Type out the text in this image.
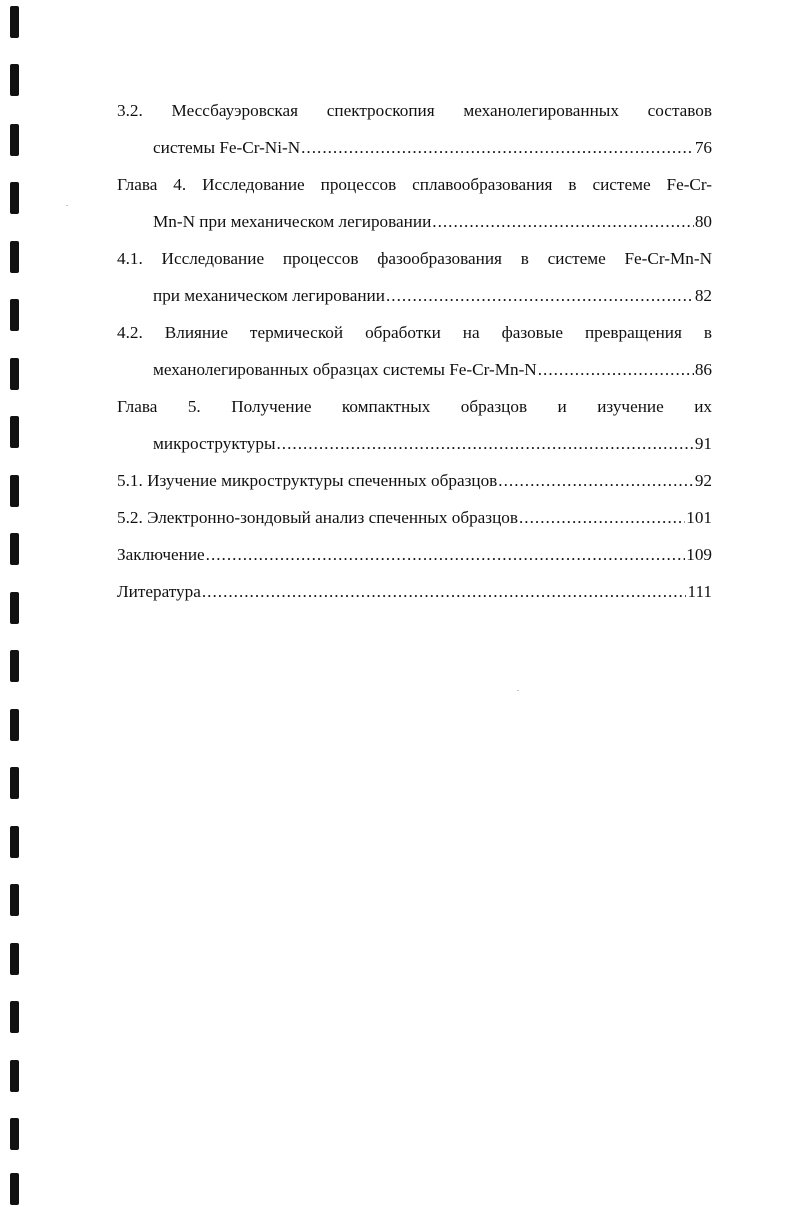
3.2. Мессбауэровская спектроскопия механолегированных составов
системы Fe-Cr-Ni-N .....	76
Глава 4. Исследование процессов сплавообразования в системе Fe-Cr-
Mn-N при механическом легировании .....	80
4.1. Исследование процессов фазообразования в системе Fe-Cr-Mn-N
при механическом легировании .....	82
4.2. Влияние термической обработки на фазовые превращения в
механолегированных образцах системы Fe-Cr-Mn-N .....	86
Глава 5. Получение компактных образцов и изучение их
микроструктуры .....	91
5.1. Изучение микроструктуры спеченных образцов .....	92
5.2. Электронно-зондовый анализ спеченных образцов .....	101
Заключение .....	109
Литература .....	111
